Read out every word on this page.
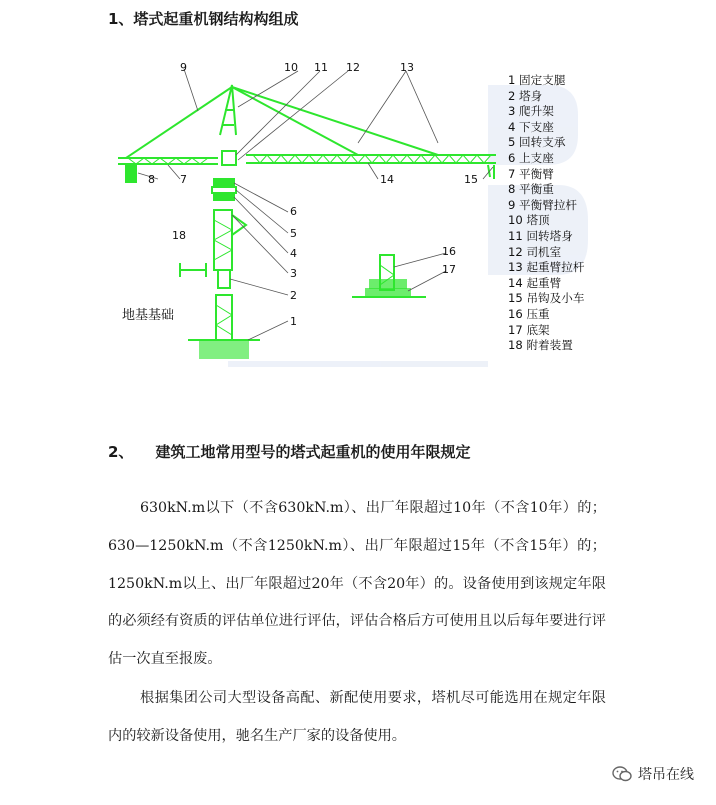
1、塔式起重机钢结构构组成
9	10 11 12	13
14	15
8 7
6
5
4
3
2
1
18
16
17
地基基础
1 固定支腿
2 塔身
3 爬升架
4 下支座
5 回转支承
6 上支座
7 平衡臂
8 平衡重
9 平衡臂拉杆
10 塔顶
11 回转塔身
12 司机室
13 起重臂拉杆
14 起重臂
15 吊钩及小车
16 压重
17 底架
18 附着装置
2、 建筑工地常用型号的塔式起重机的使用年限规定
630kN.m以下（不含630kN.m）、出厂年限超过10年（不含10年）的；630—1250kN.m（不含1250kN.m）、出厂年限超过15年（不含15年）的；1250kN.m以上、出厂年限超过20年（不含20年）的。设备使用到该规定年限的必须经有资质的评估单位进行评估，评估合格后方可使用且以后每年要进行评估一次直至报废。
根据集团公司大型设备高配、新配使用要求，塔机尽可能选用在规定年限内的较新设备使用，驰名生产厂家的设备使用。
塔吊在线
